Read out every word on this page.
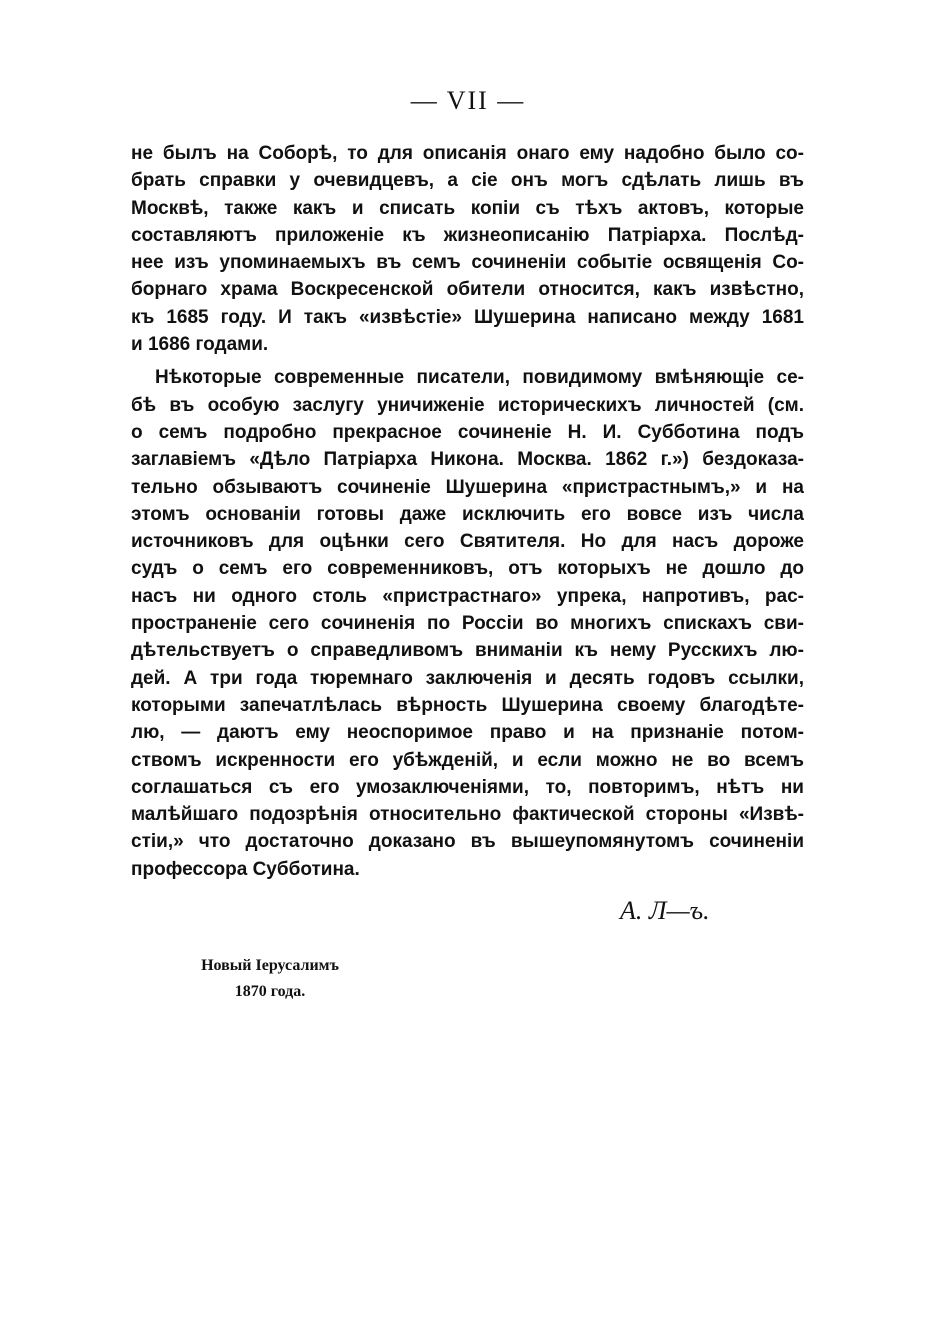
— VII —
не былъ на Соборѣ, то для описанія онаго ему надобно было со-
брать справки у очевидцевъ, а сіе онъ могъ сдѣлать лишь въ
Москвѣ, также какъ и списать копіи съ тѣхъ актовъ, которые
составляютъ приложеніе къ жизнеописанію Патріарха. Послѣд-
нее изъ упоминаемыхъ въ семъ сочиненіи событіе освященія Со-
борнаго храма Воскресенской обители относится, какъ извѣстно,
къ 1685 году. И такъ «извѣстіе» Шушерина написано между 1681
и 1686 годами.
Нѣкоторые современные писатели, повидимому вмѣняющіе се-
бѣ въ особую заслугу уничиженіе историческихъ личностей (см.
о семъ подробно прекрасное сочиненіе Н. И. Субботина подъ
заглавіемъ «Дѣло Патріарха Никона. Москва. 1862 г.») бездоказа-
тельно обзываютъ сочиненіе Шушерина «пристрастнымъ,» и на
этомъ основаніи готовы даже исключить его вовсе изъ числа
источниковъ для оцѣнки сего Святителя. Но для насъ дороже
судъ о семъ его современниковъ, отъ которыхъ не дошло до
насъ ни одного столь «пристрастнаго» упрека, напротивъ, рас-
пространеніе сего сочиненія по Россіи во многихъ спискахъ сви-
дѣтельствуетъ о справедливомъ вниманіи къ нему Русскихъ лю-
дей. А три года тюремнаго заключенія и десять годовъ ссылки,
которыми запечатлѣлась вѣрность Шушерина своему благодѣте-
лю, — даютъ ему неоспоримое право и на признаніе потом-
ствомъ искренности его убѣжденій, и если можно не во всемъ
соглашаться съ его умозаключеніями, то, повторимъ, нѣтъ ни
малѣйшаго подозрѣнія относительно фактической стороны «Извѣ-
стіи,» что достаточно доказано въ вышеупомянутомъ сочиненіи
профессора Субботина.
А. Л—ъ.
Новый Іерусалимъ
1870 года.
